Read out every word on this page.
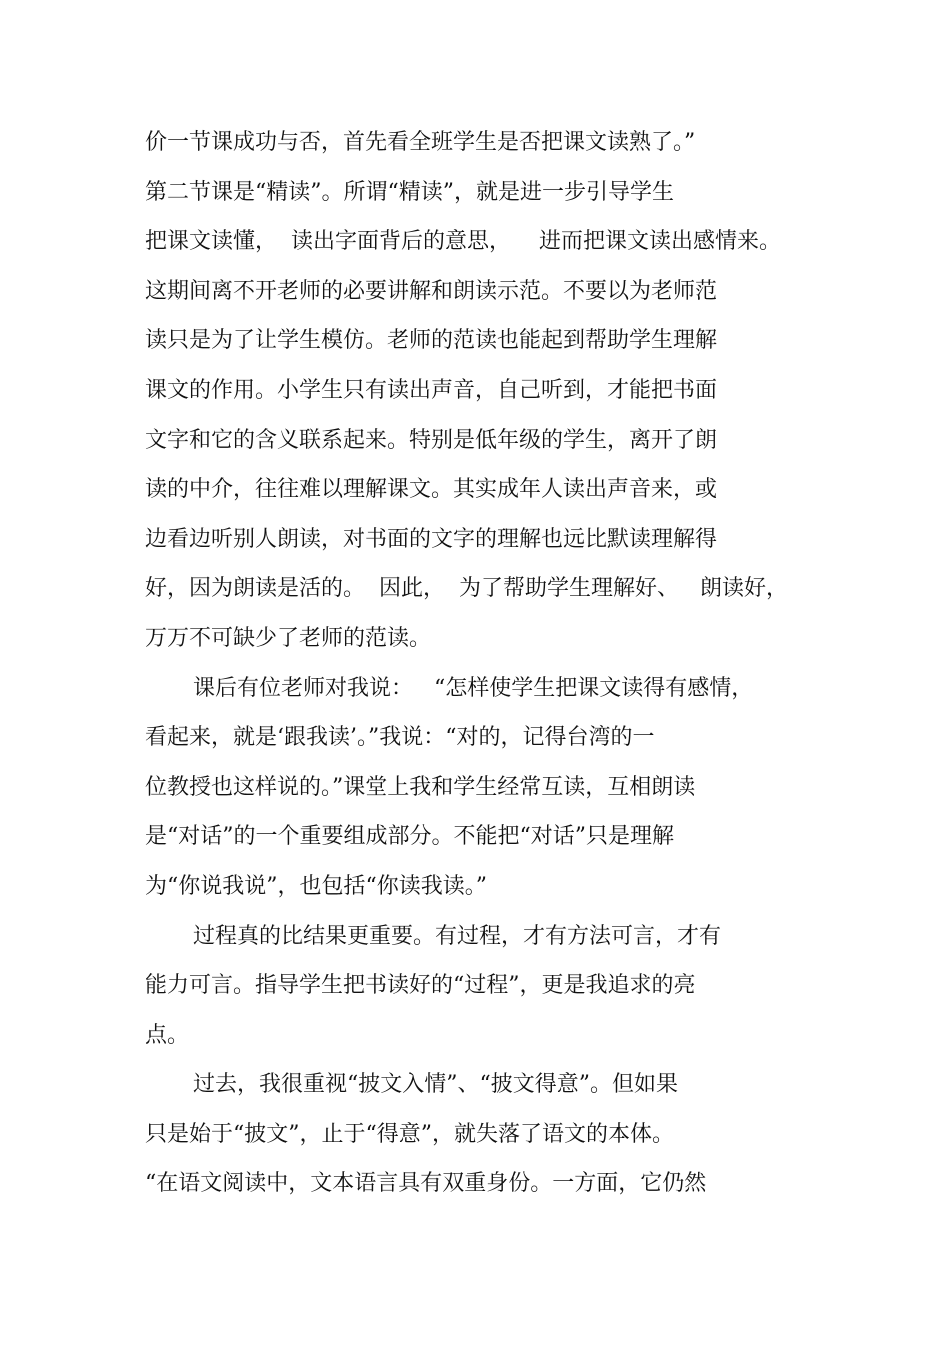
价一节课成功与否，首先看全班学生是否把课文读熟了。”
第二节课是“精读”。所谓“精读”，就是进一步引导学生
把课文读懂，  读出字面背后的意思，    进而把课文读出感情来。
这期间离不开老师的必要讲解和朗读示范。不要以为老师范
读只是为了让学生模仿。老师的范读也能起到帮助学生理解
课文的作用。小学生只有读出声音，自己听到，才能把书面
文字和它的含义联系起来。特别是低年级的学生，离开了朗
读的中介，往往难以理解课文。其实成年人读出声音来，或
边看边听别人朗读，对书面的文字的理解也远比默读理解得
好，因为朗读是活的。  因此，  为了帮助学生理解好、   朗读好，
万万不可缺少了老师的范读。
课后有位老师对我说：   “怎样使学生把课文读得有感情，
看起来，就是‘跟我读’。”我说：“对的，记得台湾的一
位教授也这样说的。”课堂上我和学生经常互读，互相朗读
是“对话”的一个重要组成部分。不能把“对话”只是理解
为“你说我说”，也包括“你读我读。”
过程真的比结果更重要。有过程，才有方法可言，才有
能力可言。指导学生把书读好的“过程”，更是我追求的亮
点。
过去，我很重视“披文入情”、“披文得意”。但如果
只是始于“披文”，止于“得意”，就失落了语文的本体。
“在语文阅读中，文本语言具有双重身份。一方面，它仍然
